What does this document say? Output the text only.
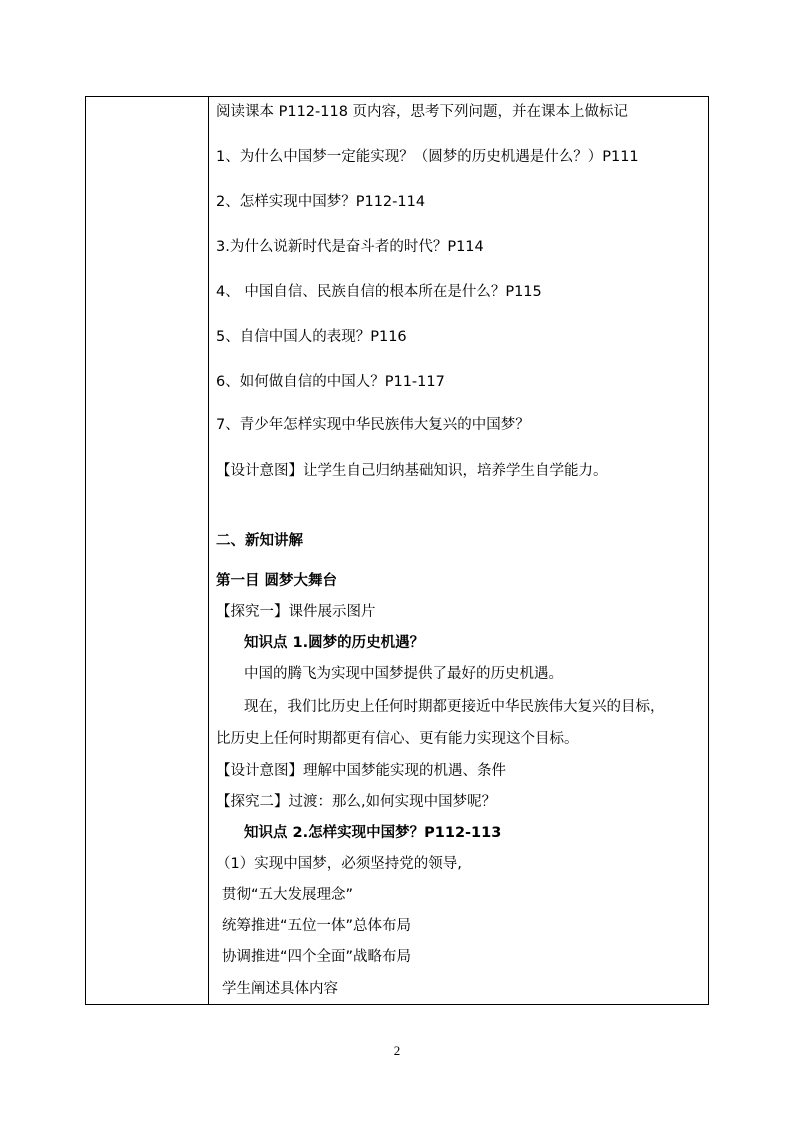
阅读课本 P112-118 页内容，思考下列问题，并在课本上做标记
1、为什么中国梦一定能实现？（圆梦的历史机遇是什么？）P111
2、怎样实现中国梦？P112-114
3.为什么说新时代是奋斗者的时代？P114
4、 中国自信、民族自信的根本所在是什么？P115
5、自信中国人的表现？P116
6、如何做自信的中国人？P11-117
7、青少年怎样实现中华民族伟大复兴的中国梦？
【设计意图】让学生自己归纳基础知识，培养学生自学能力。
二、新知讲解
第一目 圆梦大舞台
【探究一】课件展示图片
知识点 1.圆梦的历史机遇？
中国的腾飞为实现中国梦提供了最好的历史机遇。
现在，我们比历史上任何时期都更接近中华民族伟大复兴的目标，
比历史上任何时期都更有信心、更有能力实现这个目标。
【设计意图】理解中国梦能实现的机遇、条件
【探究二】过渡：那么,如何实现中国梦呢？
知识点 2.怎样实现中国梦？P112-113
（1）实现中国梦，必须坚持党的领导,
贯彻“五大发展理念”
统筹推进“五位一体”总体布局
协调推进“四个全面”战略布局
学生阐述具体内容
2
